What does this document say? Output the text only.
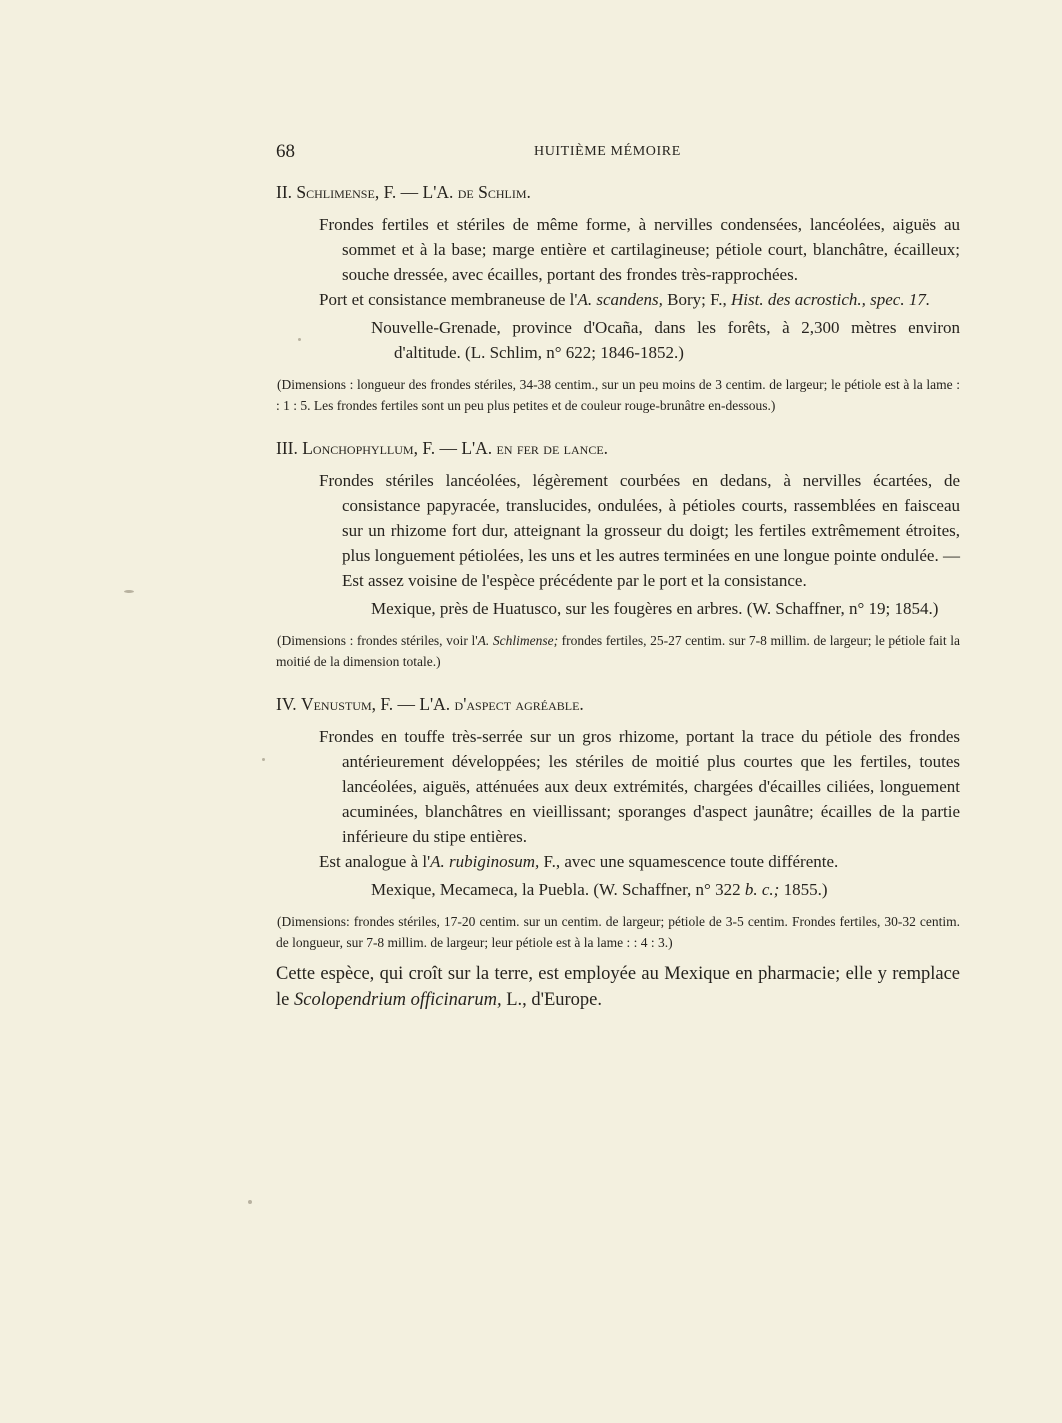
68	HUITIÈME MÉMOIRE

II. Schlimense, F. — L'A. de Schlim.

Frondes fertiles et stériles de même forme, à nervilles condensées, lancéolées, aiguës au sommet et à la base; marge entière et cartilagineuse; pétiole court, blanchâtre, écailleux; souche dressée, avec écailles, portant des frondes très-rapprochées.

Port et consistance membraneuse de l'A. scandens, Bory; F., Hist. des acrostich., spec. 17.

Nouvelle-Grenade, province d'Ocaña, dans les forêts, à 2,300 mètres environ d'altitude. (L. Schlim, n° 622; 1846-1852.)

(Dimensions : longueur des frondes stériles, 34-38 centim., sur un peu moins de 3 centim. de largeur; le pétiole est à la lame : : 1 : 5. Les frondes fertiles sont un peu plus petites et de couleur rouge-brunâtre en-dessous.)

III. Lonchophyllum, F. — L'A. en fer de lance.

Frondes stériles lancéolées, légèrement courbées en dedans, à nervilles écartées, de consistance papyracée, translucides, ondulées, à pétioles courts, rassemblées en faisceau sur un rhizome fort dur, atteignant la grosseur du doigt; les fertiles extrêmement étroites, plus longuement pétiolées, les uns et les autres terminées en une longue pointe ondulée. — Est assez voisine de l'espèce précédente par le port et la consistance.

Mexique, près de Huatusco, sur les fougères en arbres. (W. Schaffner, n° 19; 1854.)

(Dimensions : frondes stériles, voir l'A. Schlimense; frondes fertiles, 25-27 centim. sur 7-8 millim. de largeur; le pétiole fait la moitié de la dimension totale.)

IV. Venustum, F. — L'A. d'aspect agréable.

Frondes en touffe très-serrée sur un gros rhizome, portant la trace du pétiole des frondes antérieurement développées; les stériles de moitié plus courtes que les fertiles, toutes lancéolées, aiguës, atténuées aux deux extrémités, chargées d'écailles ciliées, longuement acuminées, blanchâtres en vieillissant; sporanges d'aspect jaunâtre; écailles de la partie inférieure du stipe entières.

Est analogue à l'A. rubiginosum, F., avec une squamescence toute différente.

Mexique, Mecameca, la Puebla. (W. Schaffner, n° 322 b. c.; 1855.)

(Dimensions: frondes stériles, 17-20 centim. sur un centim. de largeur; pétiole de 3-5 centim. Frondes fertiles, 30-32 centim. de longueur, sur 7-8 millim. de largeur; leur pétiole est à la lame : : 4 : 3.)

Cette espèce, qui croît sur la terre, est employée au Mexique en pharmacie; elle y remplace le Scolopendrium officinarum, L., d'Europe.
